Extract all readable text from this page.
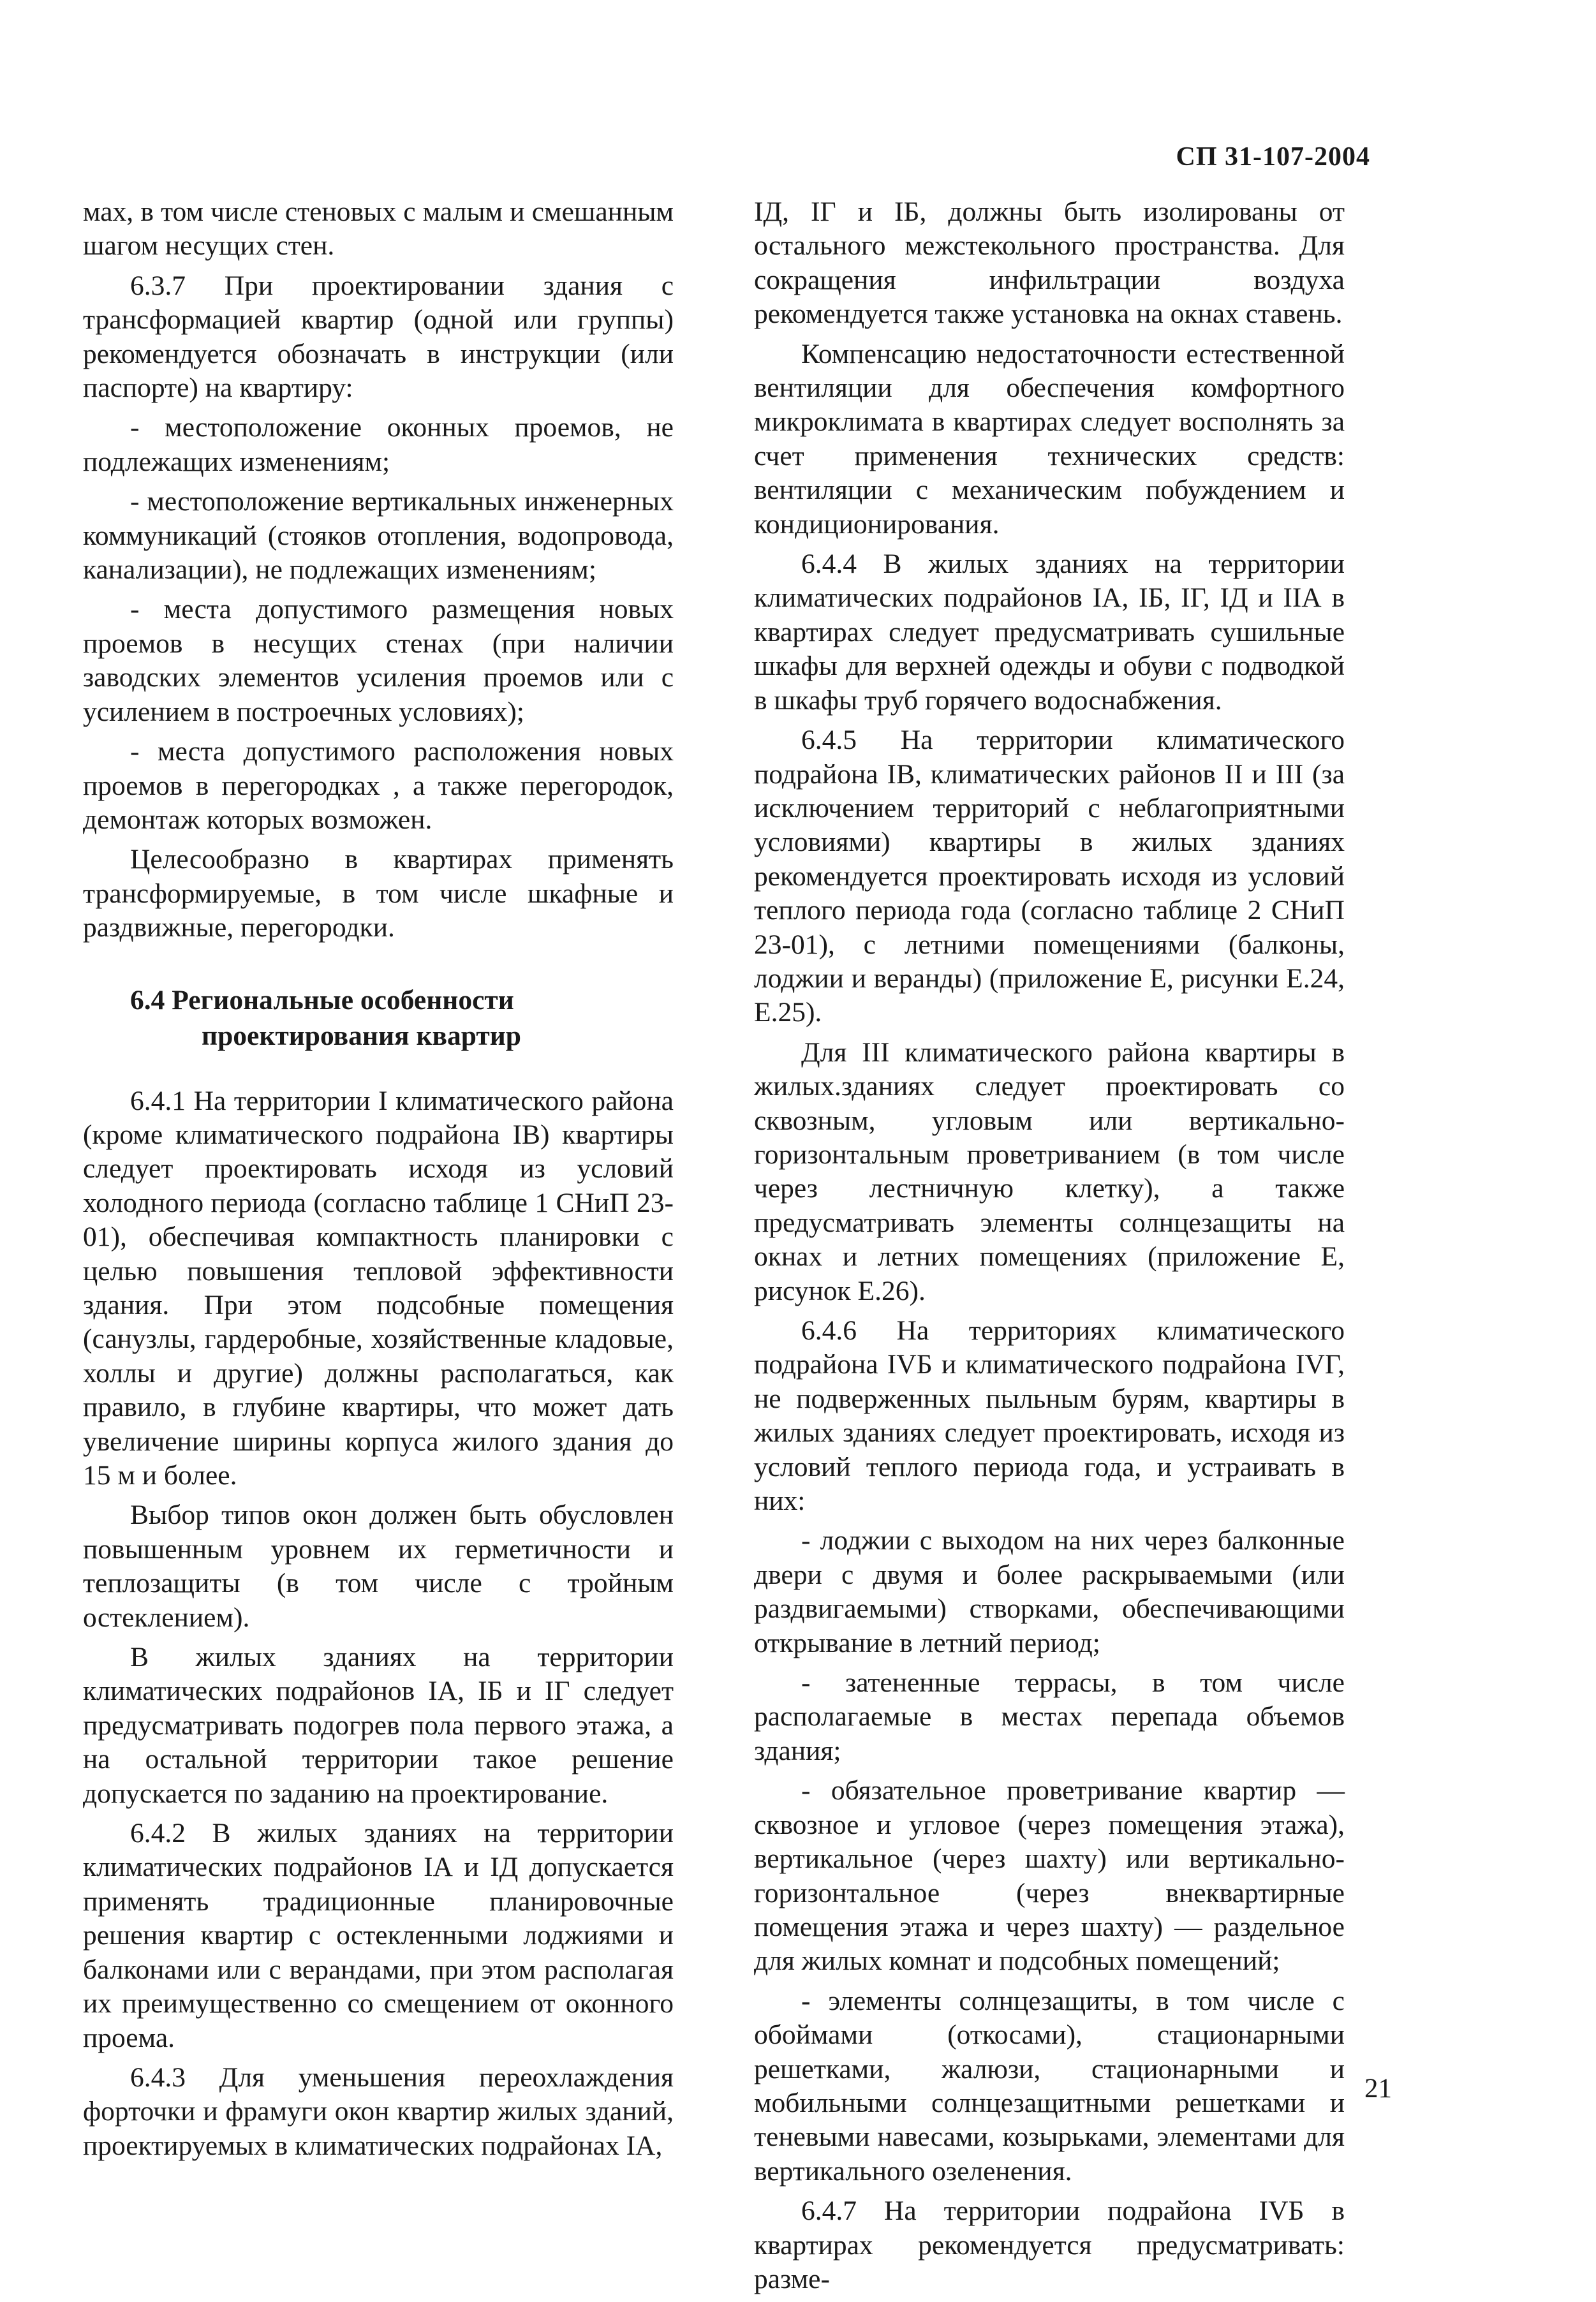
СП 31-107-2004

мах, в том числе стеновых с малым и смешанным шагом несущих стен.

6.3.7 При проектировании здания с трансформацией квартир (одной или группы) рекомендуется обозначать в инструкции (или паспорте) на квартиру:

- местоположение оконных проемов, не подлежащих изменениям;

- местоположение вертикальных инженерных коммуникаций (стояков отопления, водопровода, канализации), не подлежащих изменениям;

- места допустимого размещения новых проемов в несущих стенах (при наличии заводских элементов усиления проемов или с усилением в построечных условиях);

- места допустимого расположения новых проемов в перегородках , а также перегородок, демонтаж которых возможен.

Целесообразно в квартирах применять трансформируемые, в том числе шкафные и раздвижные, перегородки.

6.4 Региональные особенности
проектирования квартир

6.4.1 На территории I климатического района (кроме климатического подрайона IВ) квартиры следует проектировать исходя из условий холодного периода (согласно таблице 1 СНиП 23-01), обеспечивая компактность планировки с целью повышения тепловой эффективности здания. При этом подсобные помещения (санузлы, гардеробные, хозяйственные кладовые, холлы и другие) должны располагаться, как правило, в глубине квартиры, что может дать увеличение ширины корпуса жилого здания до 15 м и более.

Выбор типов окон должен быть обусловлен повышенным уровнем их герметичности и теплозащиты (в том числе с тройным остеклением).

В жилых зданиях на территории климатических подрайонов IА, IБ и IГ следует предусматривать подогрев пола первого этажа, а на остальной территории такое решение допускается по заданию на проектирование.

6.4.2 В жилых зданиях на территории климатических подрайонов IА и IД допускается применять традиционные планировочные решения квартир с остекленными лоджиями и балконами или с верандами, при этом располагая их преимущественно со смещением от оконного проема.

6.4.3 Для уменьшения переохлаждения форточки и фрамуги окон квартир жилых зданий, проектируемых в климатических подрайонах IА,

IД, IГ и IБ, должны быть изолированы от остального межстекольного пространства. Для сокращения инфильтрации воздуха рекомендуется также установка на окнах ставень.

Компенсацию недостаточности естественной вентиляции для обеспечения комфортного микроклимата в квартирах следует восполнять за счет применения технических средств: вентиляции с механическим побуждением и кондиционирования.

6.4.4 В жилых зданиях на территории климатических подрайонов IА, IБ, IГ, IД и IIА в квартирах следует предусматривать сушильные шкафы для верхней одежды и обуви с подводкой в шкафы труб горячего водоснабжения.

6.4.5 На территории климатического подрайона IВ, климатических районов II и III (за исключением территорий с неблагоприятными условиями) квартиры в жилых зданиях рекомендуется проектировать исходя из условий теплого периода года (согласно таблице 2 СНиП 23-01), с летними помещениями (балконы, лоджии и веранды) (приложение Е, рисунки Е.24, Е.25).

Для III климатического района квартиры в жилых.зданиях следует проектировать со сквозным, угловым или вертикально-горизонтальным проветриванием (в том числе через лестничную клетку), а также предусматривать элементы солнцезащиты на окнах и летних помещениях (приложение Е, рисунок Е.26).

6.4.6 На территориях климатического подрайона IVБ и климатического подрайона IVГ, не подверженных пыльным бурям, квартиры в жилых зданиях следует проектировать, исходя из условий теплого периода года, и устраивать в них:

- лоджии с выходом на них через балконные двери с двумя и более раскрываемыми (или раздвигаемыми) створками, обеспечивающими открывание в летний период;

- затененные террасы, в том числе располагаемые в местах перепада объемов здания;

- обязательное проветривание квартир — сквозное и угловое (через помещения этажа), вертикальное (через шахту) или вертикально-горизонтальное (через внеквартирные помещения этажа и через шахту) — раздельное для жилых комнат и подсобных помещений;

- элементы солнцезащиты, в том числе с обоймами (откосами), стационарными решетками, жалюзи, стационарными и мобильными солнцезащитными решетками и теневыми навесами, козырьками, элементами для вертикального озеленения.

6.4.7 На территории подрайона IVБ в квартирах рекомендуется предусматривать: разме-

21
